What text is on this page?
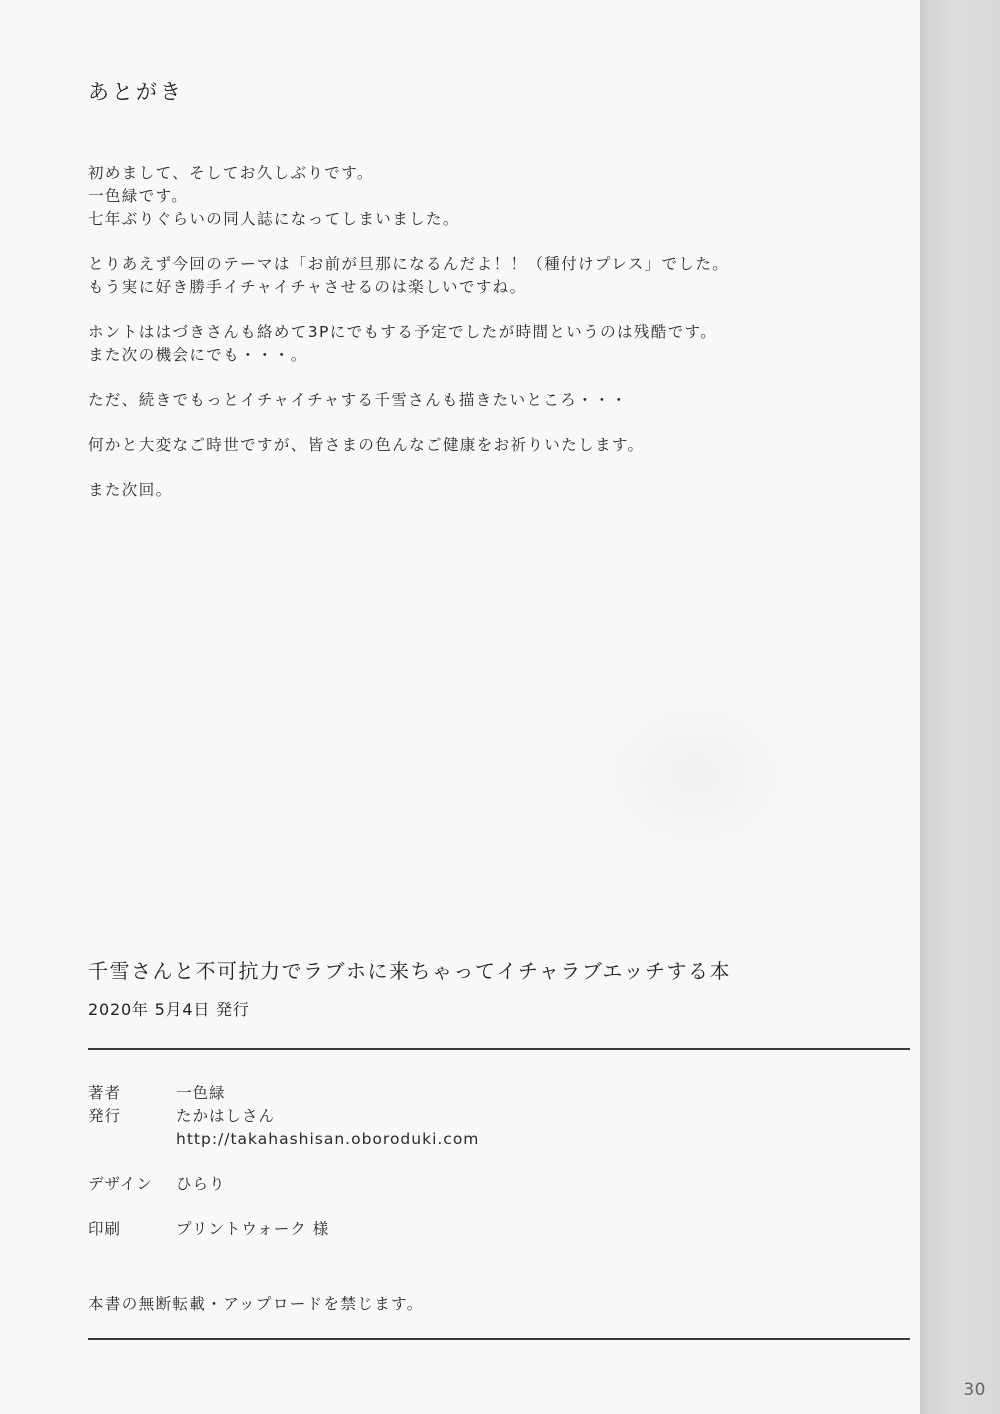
あとがき
初めまして、そしてお久しぶりです。
一色緑です。
七年ぶりぐらいの同人誌になってしまいました。
とりあえず今回のテーマは「お前が旦那になるんだよ！！（種付けプレス」でした。
もう実に好き勝手イチャイチャさせるのは楽しいですね。
ホントははづきさんも絡めて3Pにでもする予定でしたが時間というのは残酷です。
また次の機会にでも・・・。
ただ、続きでもっとイチャイチャする千雪さんも描きたいところ・・・
何かと大変なご時世ですが、皆さまの色んなご健康をお祈りいたします。
また次回。
千雪さんと不可抗力でラブホに来ちゃってイチャラブエッチする本
2020年 5月4日 発行
著者	一色緑
発行	たかはしさん
http://takahashisan.oboroduki.com
デザイン ひらり
印刷	プリントウォーク 様
本書の無断転載・アップロードを禁じます。
30
